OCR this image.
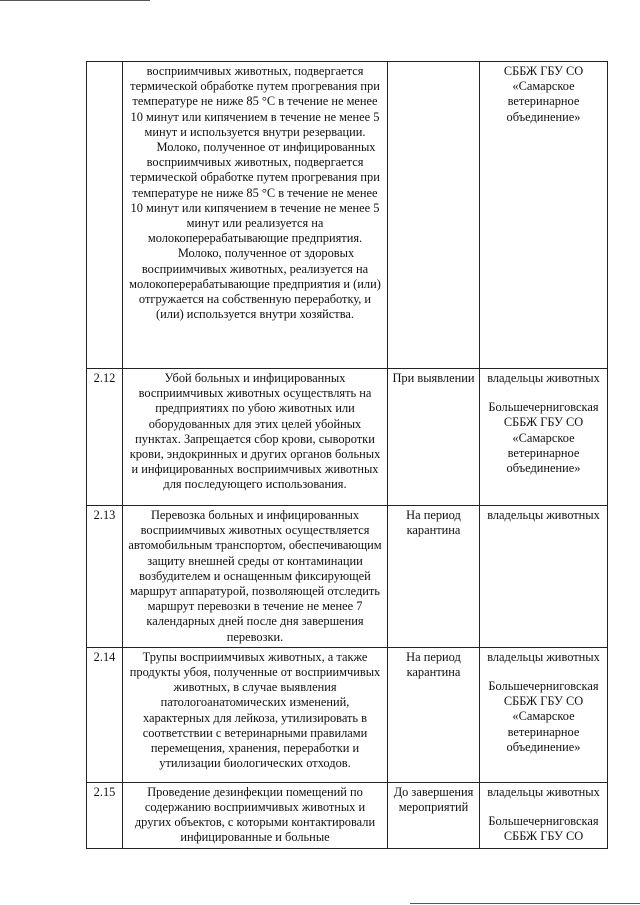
	восприимчивых животных, подвергается термической обработке путем прогревания при температуре не ниже 85 °С в течение не менее 10 минут или кипячением в течение не менее 5 минут и используется внутри резервации.
Молоко, полученное от инфицированных восприимчивых животных, подвергается термической обработке путем прогревания при температуре не ниже 85 °С в течение не менее 10 минут или кипячением в течение не менее 5 минут или реализуется на молокоперерабатывающие предприятия.
Молоко, полученное от здоровых восприимчивых животных, реализуется на молокоперерабатывающие предприятия и (или) отгружается на собственную переработку, и (или) используется внутри хозяйства.		СББЖ ГБУ СО «Самарское ветеринарное объединение»

2.12	Убой больных и инфицированных восприимчивых животных осуществлять на предприятиях по убою животных или оборудованных для этих целей убойных пунктах. Запрещается сбор крови, сыворотки крови, эндокринных и других органов больных и инфицированных восприимчивых животных для последующего использования.	При выявлении	владельцы животных
Большечерниговская СББЖ ГБУ СО «Самарское ветеринарное объединение»

2.13	Перевозка больных и инфицированных восприимчивых животных осуществляется автомобильным транспортом, обеспечивающим защиту внешней среды от контаминации возбудителем и оснащенным фиксирующей маршрут аппаратурой, позволяющей отследить маршрут перевозки в течение не менее 7 календарных дней после дня завершения перевозки.	На период карантина	владельцы животных

2.14	Трупы восприимчивых животных, а также продукты убоя, полученные от восприимчивых животных, в случае выявления патологоанатомических изменений, характерных для лейкоза, утилизировать в соответствии с ветеринарными правилами перемещения, хранения, переработки и утилизации биологических отходов.	На период карантина	владельцы животных
Большечерниговская СББЖ ГБУ СО «Самарское ветеринарное объединение»

2.15	Проведение дезинфекции помещений по содержанию восприимчивых животных и других объектов, с которыми контактировали инфицированные и больные	До завершения мероприятий	владельцы животных
Большечерниговская СББЖ ГБУ СО
